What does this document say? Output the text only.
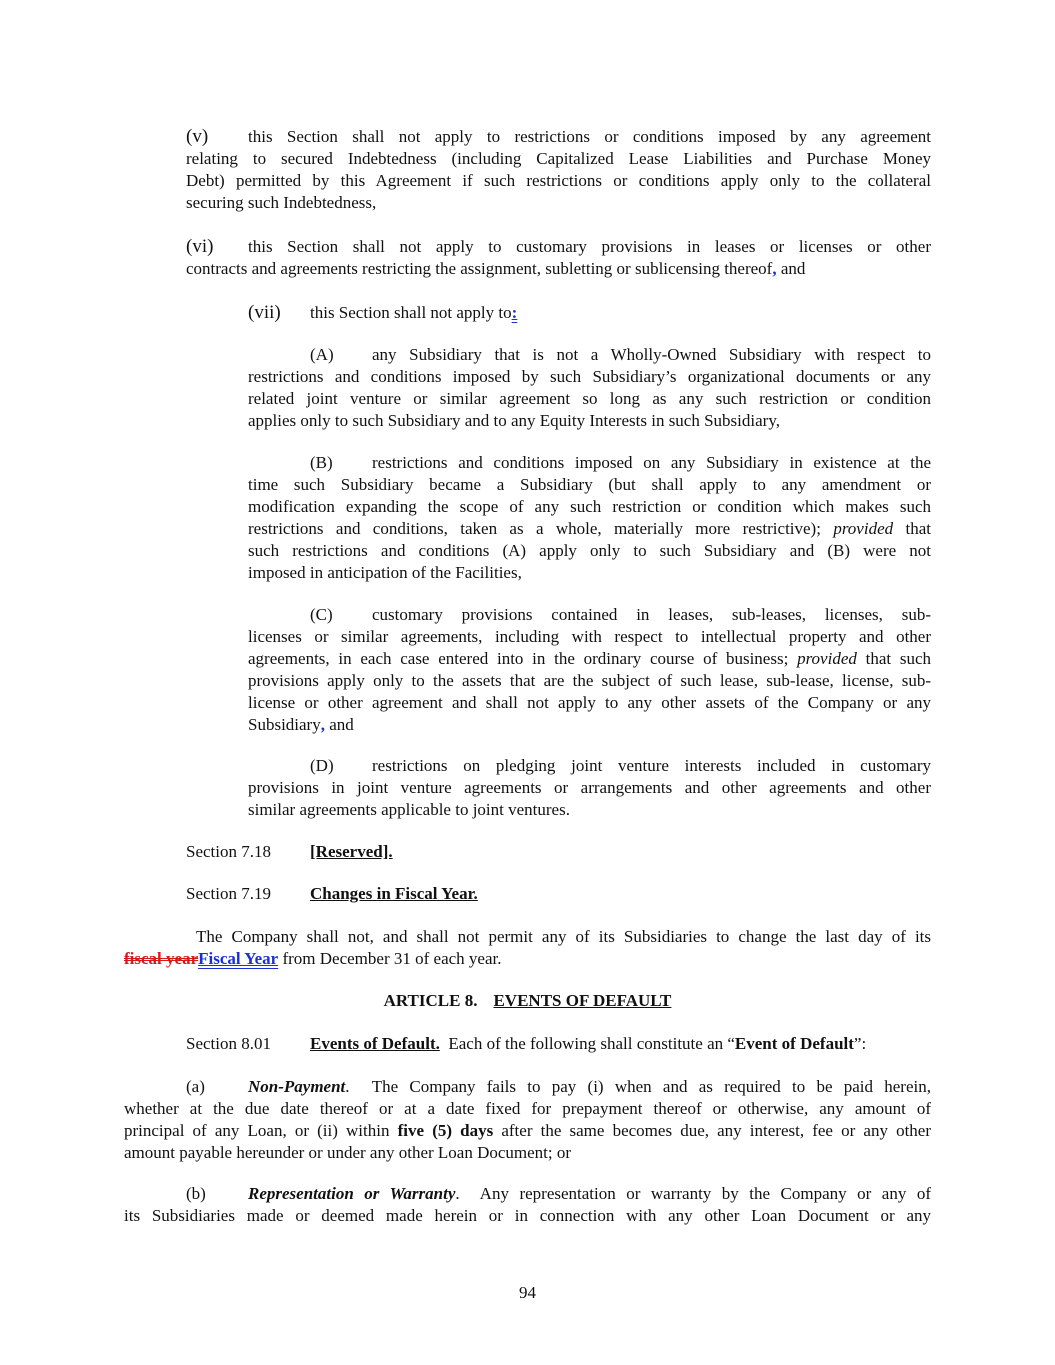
(v) this Section shall not apply to restrictions or conditions imposed by any agreement
relating to secured Indebtedness (including Capitalized Lease Liabilities and Purchase Money
Debt) permitted by this Agreement if such restrictions or conditions apply only to the collateral
securing such Indebtedness,
(vi) this Section shall not apply to customary provisions in leases or licenses or other
contracts and agreements restricting the assignment, subletting or sublicensing thereof, and
(vii) this Section shall not apply to:
(A) any Subsidiary that is not a Wholly-Owned Subsidiary with respect to
restrictions and conditions imposed by such Subsidiary’s organizational documents or any
related joint venture or similar agreement so long as any such restriction or condition
applies only to such Subsidiary and to any Equity Interests in such Subsidiary,
(B) restrictions and conditions imposed on any Subsidiary in existence at the
time such Subsidiary became a Subsidiary (but shall apply to any amendment or
modification expanding the scope of any such restriction or condition which makes such
restrictions and conditions, taken as a whole, materially more restrictive); provided that
such restrictions and conditions (A) apply only to such Subsidiary and (B) were not
imposed in anticipation of the Facilities,
(C) customary provisions contained in leases, sub-leases, licenses, sub-
licenses or similar agreements, including with respect to intellectual property and other
agreements, in each case entered into in the ordinary course of business; provided that such
provisions apply only to the assets that are the subject of such lease, sub-lease, license, sub-
license or other agreement and shall not apply to any other assets of the Company or any
Subsidiary, and
(D) restrictions on pledging joint venture interests included in customary
provisions in joint venture agreements or arrangements and other agreements and other
similar agreements applicable to joint ventures.
Section 7.18 [Reserved].
Section 7.19 Changes in Fiscal Year.
The Company shall not, and shall not permit any of its Subsidiaries to change the last day of its
fiscal yearFiscal Year from December 31 of each year.
ARTICLE 8. EVENTS OF DEFAULT
Section 8.01 Events of Default.  Each of the following shall constitute an “Event of Default”:
(a)	Non-Payment.  The Company fails to pay (i) when and as required to be paid herein,
whether at the due date thereof or at a date fixed for prepayment thereof or otherwise, any amount of
principal of any Loan, or (ii) within five (5) days after the same becomes due, any interest, fee or any other
amount payable hereunder or under any other Loan Document; or
(b) Representation or Warranty.  Any representation or warranty by the Company or any of
its Subsidiaries made or deemed made herein or in connection with any other Loan Document or any
94
